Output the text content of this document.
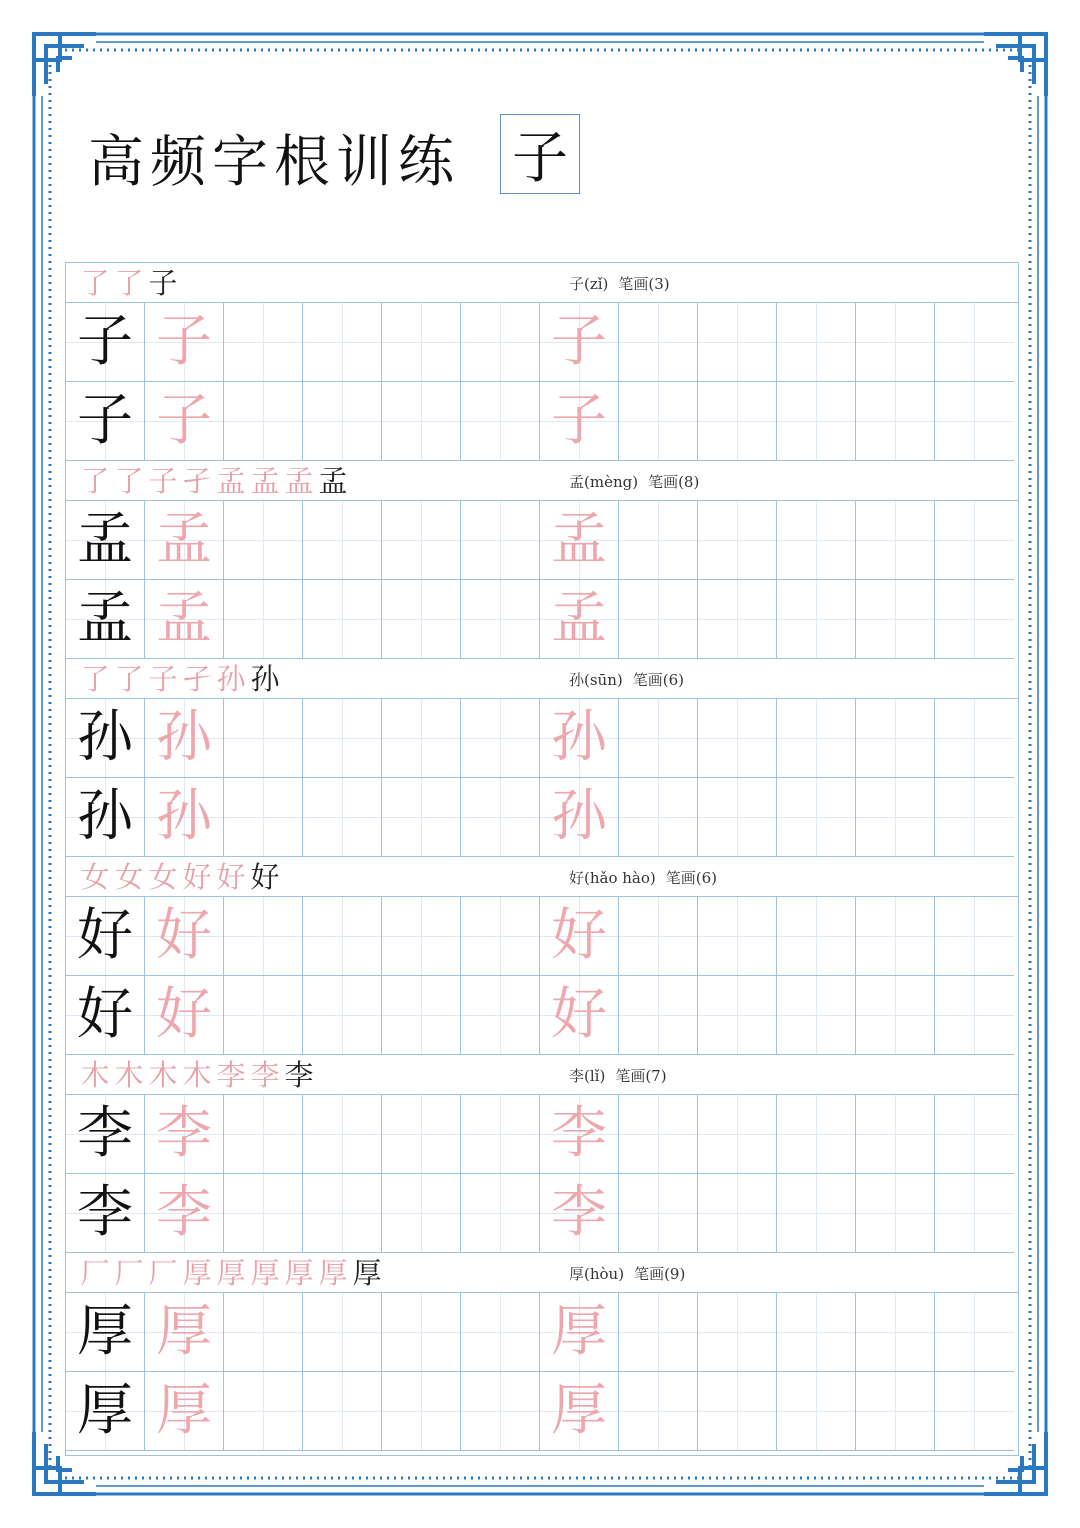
高频字根训练 子
了 了 子	子(zǐ) 笔画(3)
子 子	子
子 子	子
了 了 子 孑 孟 孟 孟 孟	孟(mèng) 笔画(8)
孟 孟	孟
孟 孟	孟
了 了 子 孑 孙 孙	孙(sūn) 笔画(6)
孙 孙	孙
孙 孙	孙
女 女 女 好 好 好	好(hǎo hào) 笔画(6)
好 好	好
好 好	好
木 木 木 木 李 李 李	李(lǐ) 笔画(7)
李 李	李
李 李	李
厂 厂 厂 厚 厚 厚 厚 厚 厚	厚(hòu) 笔画(9)
厚 厚	厚
厚 厚	厚
